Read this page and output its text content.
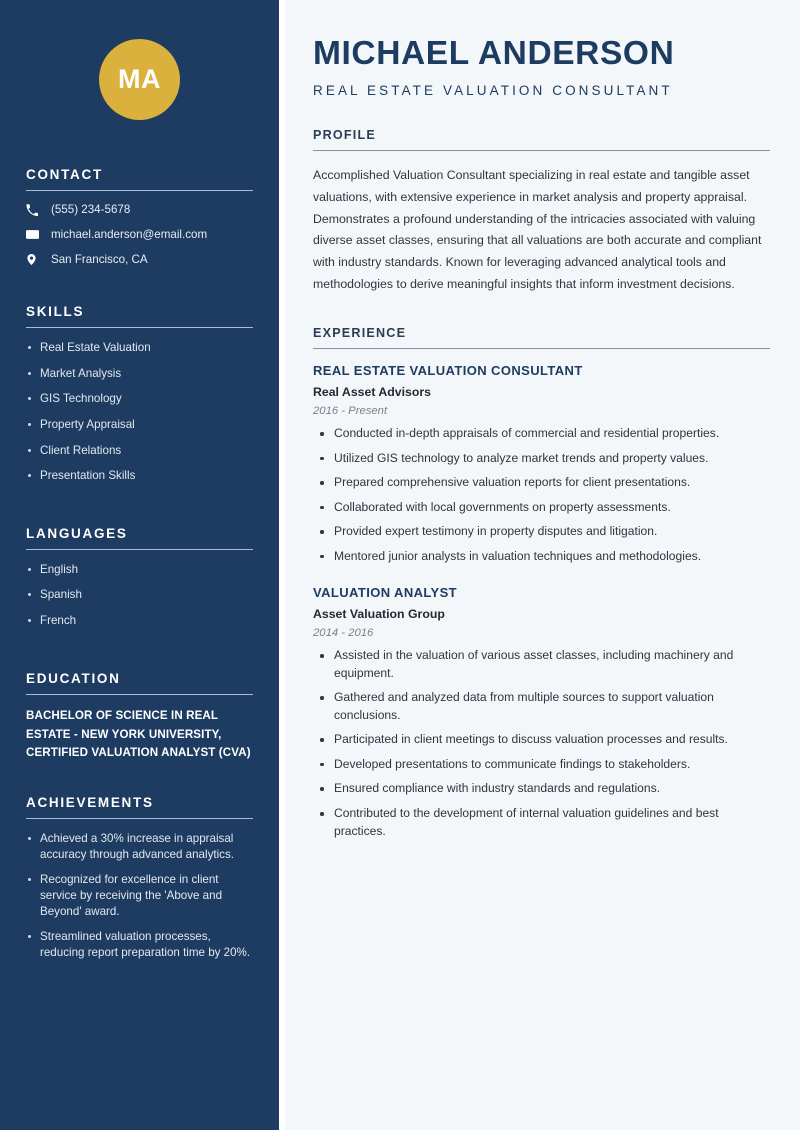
MA
CONTACT
(555) 234-5678
michael.anderson@email.com
San Francisco, CA
SKILLS
Real Estate Valuation
Market Analysis
GIS Technology
Property Appraisal
Client Relations
Presentation Skills
LANGUAGES
English
Spanish
French
EDUCATION
BACHELOR OF SCIENCE IN REAL ESTATE - NEW YORK UNIVERSITY, CERTIFIED VALUATION ANALYST (CVA)
ACHIEVEMENTS
Achieved a 30% increase in appraisal accuracy through advanced analytics.
Recognized for excellence in client service by receiving the 'Above and Beyond' award.
Streamlined valuation processes, reducing report preparation time by 20%.
MICHAEL ANDERSON
REAL ESTATE VALUATION CONSULTANT
PROFILE

Accomplished Valuation Consultant specializing in real estate and tangible asset valuations, with extensive experience in market analysis and property appraisal. Demonstrates a profound understanding of the intricacies associated with valuing diverse asset classes, ensuring that all valuations are both accurate and compliant with industry standards. Known for leveraging advanced analytical tools and methodologies to derive meaningful insights that inform investment decisions.

EXPERIENCE
REAL ESTATE VALUATION CONSULTANT
Real Asset Advisors
2016 - Present
Conducted in-depth appraisals of commercial and residential properties.
Utilized GIS technology to analyze market trends and property values.
Prepared comprehensive valuation reports for client presentations.
Collaborated with local governments on property assessments.
Provided expert testimony in property disputes and litigation.
Mentored junior analysts in valuation techniques and methodologies.
VALUATION ANALYST
Asset Valuation Group
2014 - 2016
Assisted in the valuation of various asset classes, including machinery and equipment.
Gathered and analyzed data from multiple sources to support valuation conclusions.
Participated in client meetings to discuss valuation processes and results.
Developed presentations to communicate findings to stakeholders.
Ensured compliance with industry standards and regulations.
Contributed to the development of internal valuation guidelines and best practices.
